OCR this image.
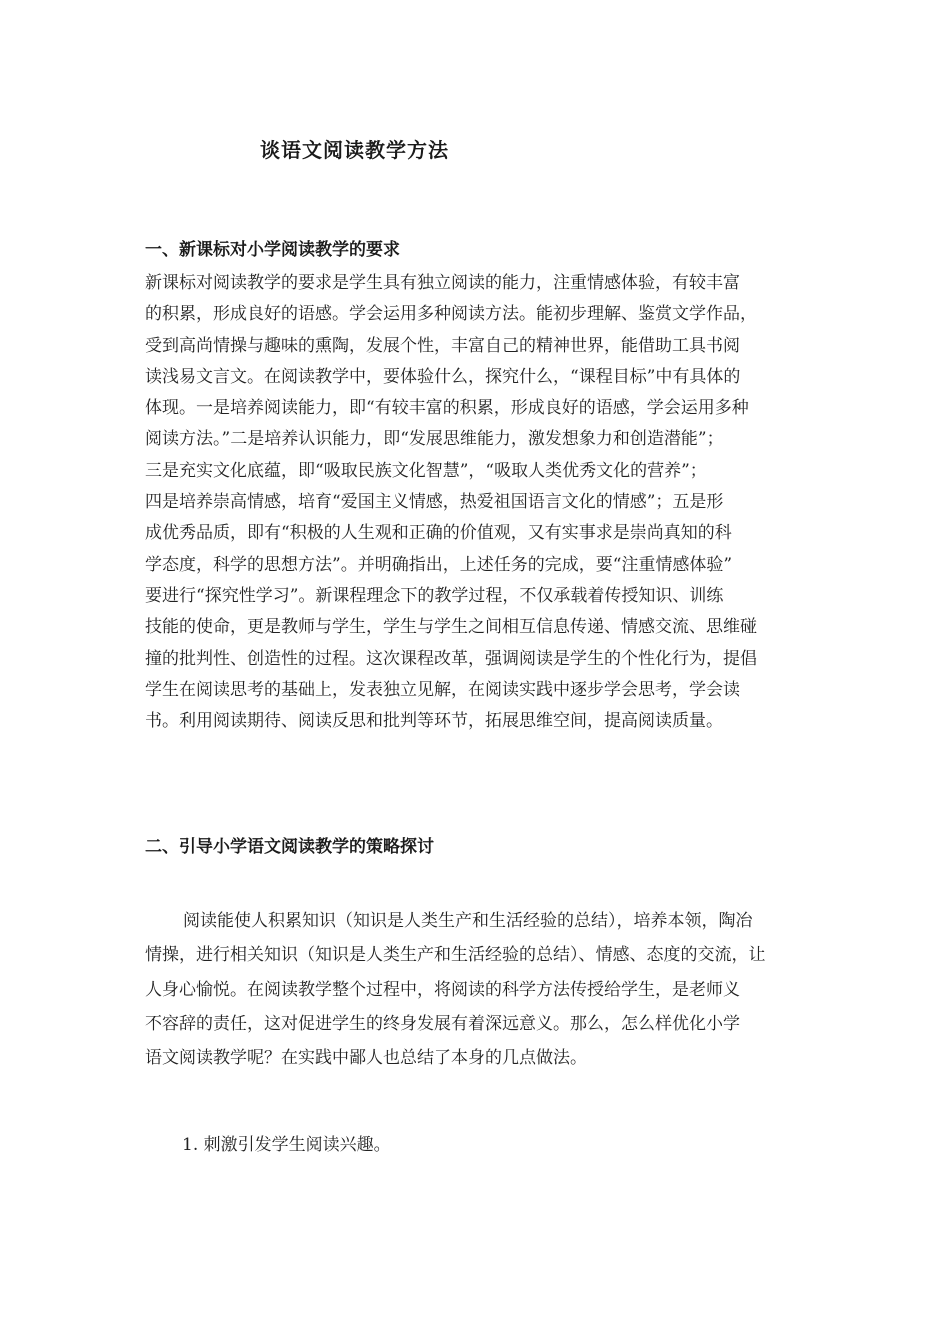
谈语文阅读教学方法
一、新课标对小学阅读教学的要求
新课标对阅读教学的要求是学生具有独立阅读的能力，注重情感体验，有较丰富
的积累，形成良好的语感。学会运用多种阅读方法。能初步理解、鉴赏文学作品，
受到高尚情操与趣味的熏陶，发展个性，丰富自己的精神世界，能借助工具书阅
读浅易文言文。在阅读教学中，要体验什么，探究什么，“课程目标”中有具体的
体现。一是培养阅读能力，即“有较丰富的积累，形成良好的语感，学会运用多种
阅读方法。”二是培养认识能力，即“发展思维能力，激发想象力和创造潜能”；
三是充实文化底蕴，即“吸取民族文化智慧”，“吸取人类优秀文化的营养”；
四是培养崇高情感，培育“爱国主义情感，热爱祖国语言文化的情感”；五是形
成优秀品质，即有“积极的人生观和正确的价值观，又有实事求是崇尚真知的科
学态度，科学的思想方法”。并明确指出，上述任务的完成，要“注重情感体验”
要进行“探究性学习”。新课程理念下的教学过程，不仅承载着传授知识、训练
技能的使命，更是教师与学生，学生与学生之间相互信息传递、情感交流、思维碰
撞的批判性、创造性的过程。这次课程改革，强调阅读是学生的个性化行为，提倡
学生在阅读思考的基础上，发表独立见解，在阅读实践中逐步学会思考，学会读
书。利用阅读期待、阅读反思和批判等环节，拓展思维空间，提高阅读质量。
二、引导小学语文阅读教学的策略探讨
阅读能使人积累知识（知识是人类生产和生活经验的总结），培养本领，陶冶
情操，进行相关知识（知识是人类生产和生活经验的总结）、情感、态度的交流，让
人身心愉悦。在阅读教学整个过程中，将阅读的科学方法传授给学生，是老师义
不容辞的责任，这对促进学生的终身发展有着深远意义。那么，怎么样优化小学
语文阅读教学呢？在实践中鄙人也总结了本身的几点做法。
1. 刺激引发学生阅读兴趣。
